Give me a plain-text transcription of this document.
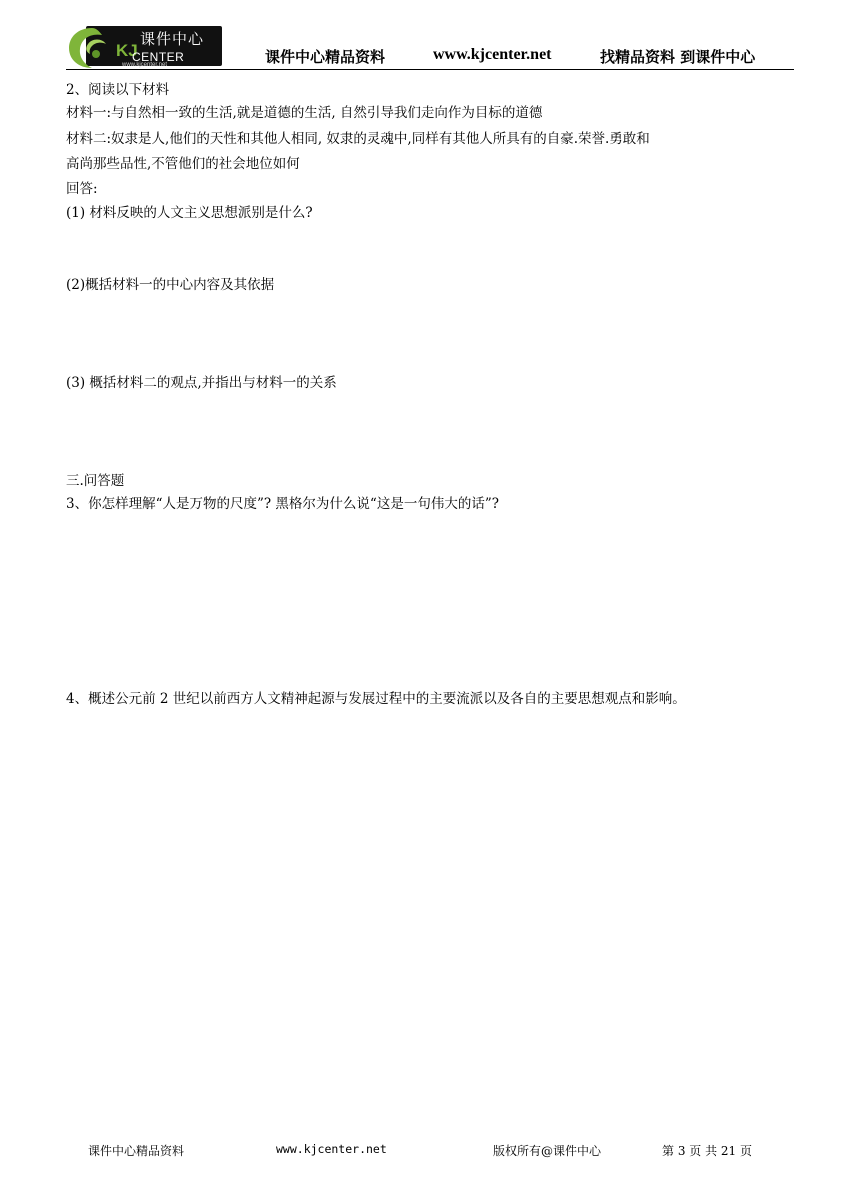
课件中心
KJ
CENTER
www.kjcenter.net	课件中心精品资料	www.kjcenter.net	找精品资料 到课件中心
2、阅读以下材料
材料一:与自然相一致的生活,就是道德的生活, 自然引导我们走向作为目标的道德
材料二:奴隶是人,他们的天性和其他人相同, 奴隶的灵魂中,同样有其他人所具有的自豪.荣誉.勇敢和
高尚那些品性,不管他们的社会地位如何
回答:
(1) 材料反映的人文主义思想派别是什么?
(2)概括材料一的中心内容及其依据
(3) 概括材料二的观点,并指出与材料一的关系
三.问答题
3、你怎样理解“人是万物的尺度”? 黑格尔为什么说“这是一句伟大的话”?
4、概述公元前 2 世纪以前西方人文精神起源与发展过程中的主要流派以及各自的主要思想观点和影响。
课件中心精品资料	www.kjcenter.net	版权所有@课件中心	第 3 页 共 21 页
